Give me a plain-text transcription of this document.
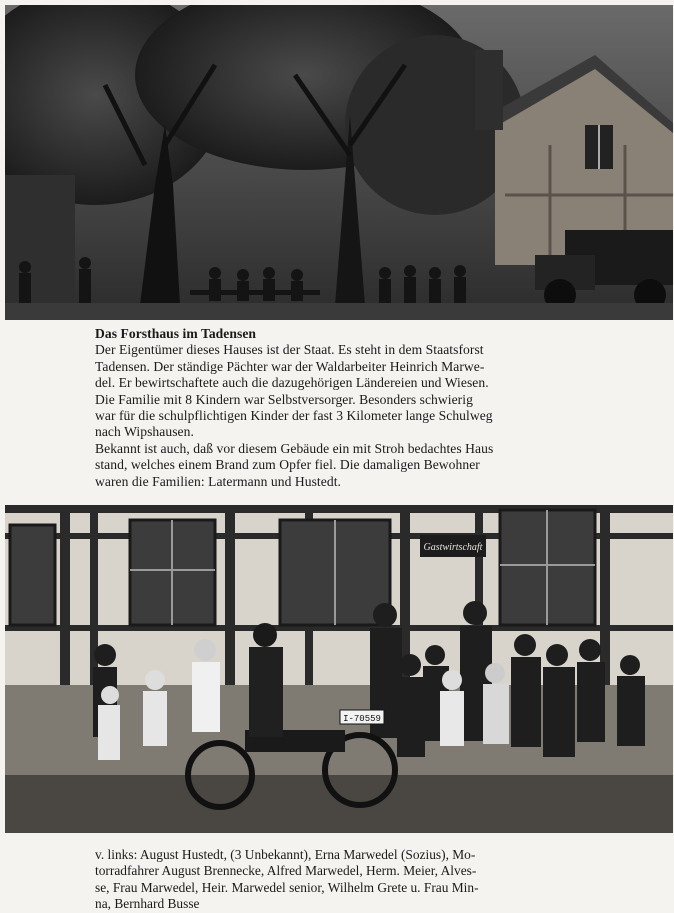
Das Forsthaus im Tadensen

Der Eigentümer dieses Hauses ist der Staat. Es steht in dem Staatsforst

Tadensen. Der ständige Pächter war der Waldarbeiter Heinrich Marwe-

del. Er bewirtschaftete auch die dazugehörigen Ländereien und Wiesen.

Die Familie mit 8 Kindern war Selbstversorger. Besonders schwierig

war für die schulpflichtigen Kinder der fast 3 Kilometer lange Schulweg

nach Wipshausen.

Bekannt ist auch, daß vor diesem Gebäude ein mit Stroh bedachtes Haus

stand, welches einem Brand zum Opfer fiel. Die damaligen Bewohner

waren die Familien: Latermann und Hustedt.

Gastwirtschaft
I-70559
v. links: August Hustedt, (3 Unbekannt), Erna Marwedel (Sozius), Mo-
torradfahrer August Brennecke, Alfred Marwedel, Herm. Meier, Alves-
se, Frau Marwedel, Heir. Marwedel senior, Wilhelm Grete u. Frau Min-
na, Bernhard Busse
